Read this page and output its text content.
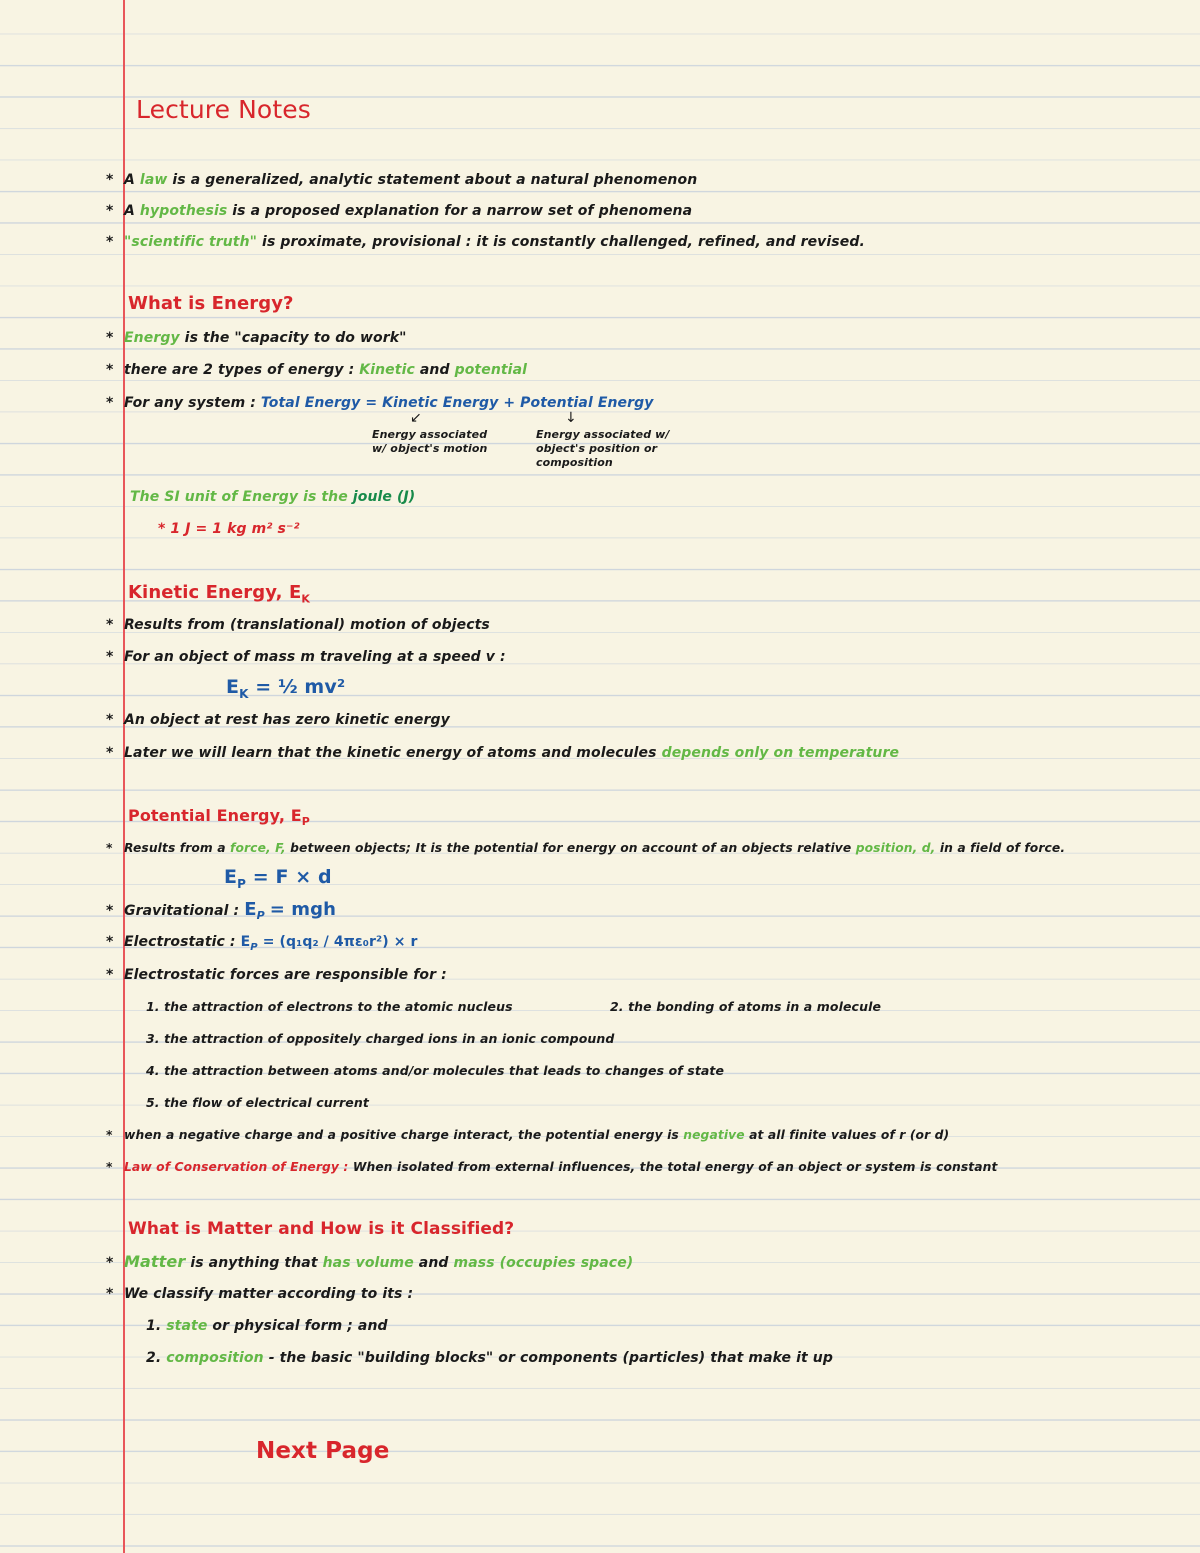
Lecture Notes
* A law is a generalized, analytic statement about a natural phenomenon
* A hypothesis is a proposed explanation for a narrow set of phenomena
* "scientific truth" is proximate, provisional : it is constantly challenged, refined, and revised.
What is Energy?
* Energy is the "capacity to do work"
* there are 2 types of energy : Kinetic and potential
* For any system : Total Energy = Kinetic Energy + Potential Energy
↙	↓
Energy associated
w/ object's motion
Energy associated w/
object's position or
composition
The SI unit of Energy is the joule (J)
* 1 J = 1 kg m² s⁻²
Kinetic Energy, $E_K$
* Results from (translational) motion of objects
* For an object of mass m traveling at a speed v :
$E_K$ = ½ mv²
* An object at rest has zero kinetic energy
* Later we will learn that the kinetic energy of atoms and molecules depends only on temperature
Potential Energy, $E_P$
* Results from a force, F, between objects; It is the potential for energy on account of an objects relative position, d, in a field of force.
$E_P = F \times d$
* Gravitational : $E_P$ = mgh
* Electrostatic : $E_P = (q_1q_2 / 4\pi\varepsilon_0r^2) \times r$
* Electrostatic forces are responsible for :
1. the attraction of electrons to the atomic nucleus	2. the bonding of atoms in a molecule
3. the attraction of oppositely charged ions in an ionic compound
4. the attraction between atoms and/or molecules that leads to changes of state
5. the flow of electrical current
* when a negative charge and a positive charge interact, the potential energy is negative at all finite values of r (or d)
* Law of Conservation of Energy : When isolated from external influences, the total energy of an object or system is constant
What is Matter and How is it Classified?
* Matter is anything that has volume and mass (occupies space)
* We classify matter according to its :
1. state or physical form ; and
2. composition - the basic "building blocks" or components (particles) that make it up
Next Page
